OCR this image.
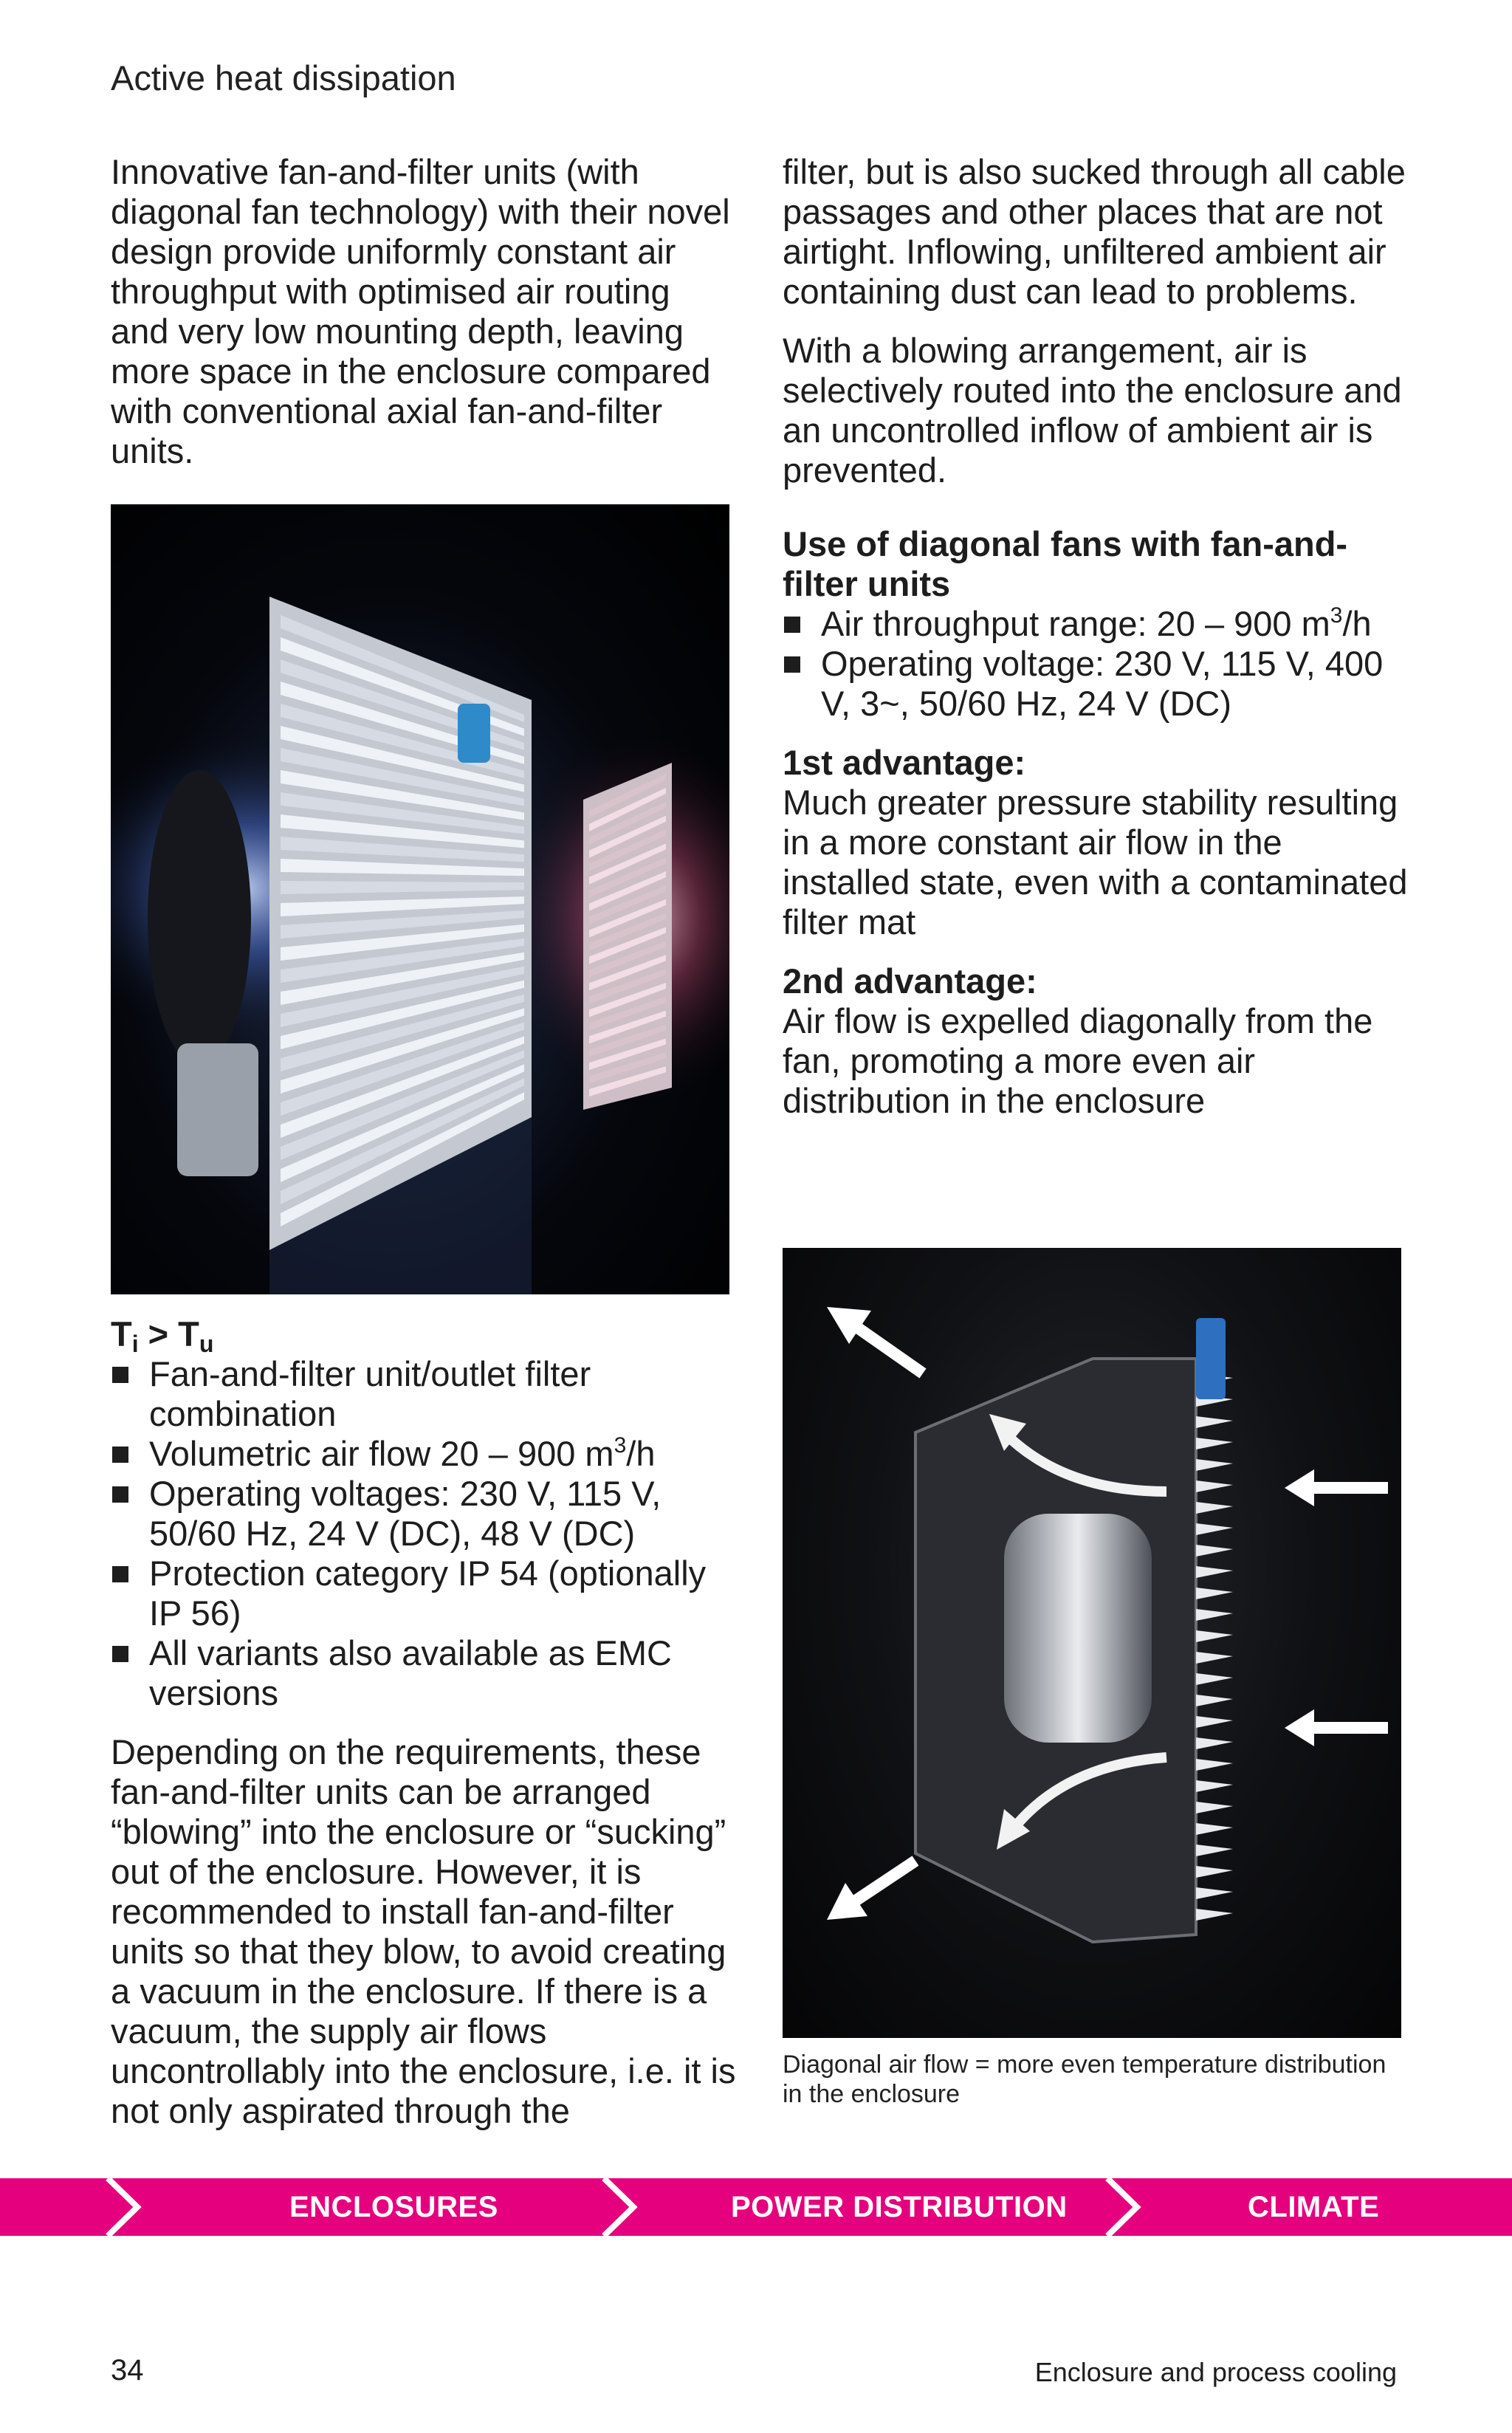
Active heat dissipation

Innovative fan-and-filter units (with diagonal fan technology) with their novel design provide uniformly constant air throughput with optimised air routing and very low mounting depth, leaving more space in the enclosure compared with conventional axial fan-and-filter units.

$T_i > T_u$
Fan-and-filter unit/outlet filter combination
Volumetric air flow 20 – 900 $m^3/h$
Operating voltages: 230 V, 115 V, 50/60 Hz, 24 V (DC), 48 V (DC)
Protection category IP 54 (optionally IP 56)
All variants also available as EMC versions

Depending on the requirements, these fan-and-filter units can be arranged “blowing” into the enclosure or “sucking” out of the enclosure. However, it is recommended to install fan-and-filter units so that they blow, to avoid creating a vacuum in the enclosure. If there is a vacuum, the supply air flows uncontrollably into the enclosure, i.e. it is not only aspirated through the

filter, but is also sucked through all cable passages and other places that are not airtight. Inflowing, unfiltered ambient air containing dust can lead to problems.

With a blowing arrangement, air is selectively routed into the enclosure and an uncontrolled inflow of ambient air is prevented.

Use of diagonal fans with fan-and-filter units
Air throughput range: 20 – 900 $m^3/h$
Operating voltage: 230 V, 115 V, 400 V, 3~, 50/60 Hz, 24 V (DC)
1st advantage:

Much greater pressure stability resulting in a more constant air flow in the installed state, even with a contaminated filter mat

2nd advantage:

Air flow is expelled diagonally from the fan, promoting a more even air distribution in the enclosure

Diagonal air flow = more even temperature distribution in the enclosure
ENCLOSURES	POWER DISTRIBUTION	CLIMATE CONTROL
34	Enclosure and process cooling
